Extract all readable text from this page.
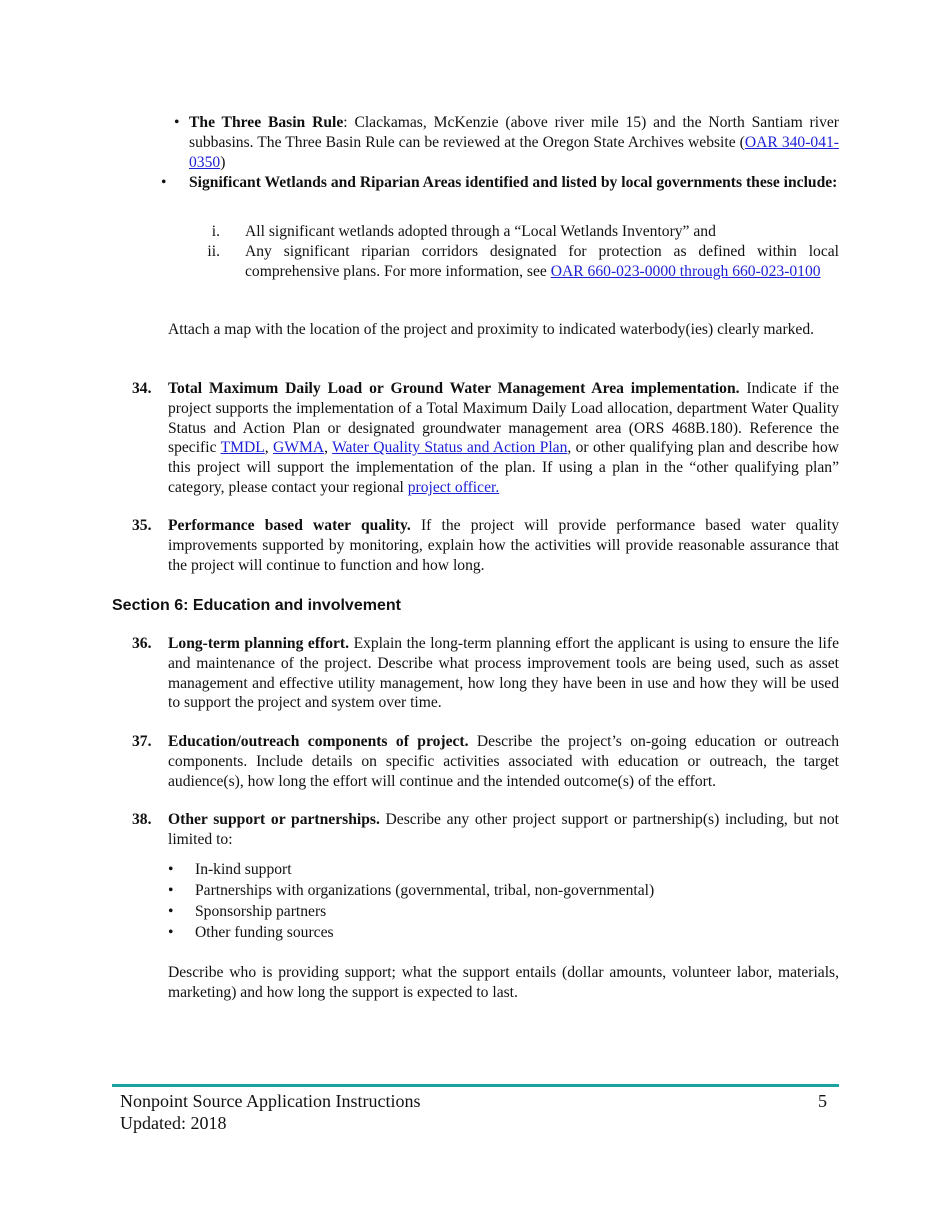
• The Three Basin Rule: Clackamas, McKenzie (above river mile 15) and the North Santiam river subbasins. The Three Basin Rule can be reviewed at the Oregon State Archives website (OAR 340-041-0350)
• Significant Wetlands and Riparian Areas identified and listed by local governments these include:
i. All significant wetlands adopted through a “Local Wetlands Inventory” and
ii. Any significant riparian corridors designated for protection as defined within local comprehensive plans. For more information, see OAR 660-023-0000 through 660-023-0100
Attach a map with the location of the project and proximity to indicated waterbody(ies) clearly marked.
34. Total Maximum Daily Load or Ground Water Management Area implementation. Indicate if the project supports the implementation of a Total Maximum Daily Load allocation, department Water Quality Status and Action Plan or designated groundwater management area (ORS 468B.180). Reference the specific TMDL, GWMA, Water Quality Status and Action Plan, or other qualifying plan and describe how this project will support the implementation of the plan. If using a plan in the “other qualifying plan” category, please contact your regional project officer.
35. Performance based water quality. If the project will provide performance based water quality improvements supported by monitoring, explain how the activities will provide reasonable assurance that the project will continue to function and how long.
Section 6: Education and involvement
36. Long-term planning effort. Explain the long-term planning effort the applicant is using to ensure the life and maintenance of the project. Describe what process improvement tools are being used, such as asset management and effective utility management, how long they have been in use and how they will be used to support the project and system over time.
37. Education/outreach components of project. Describe the project’s on-going education or outreach components. Include details on specific activities associated with education or outreach, the target audience(s), how long the effort will continue and the intended outcome(s) of the effort.
38. Other support or partnerships. Describe any other project support or partnership(s) including, but not limited to:
• In-kind support
• Partnerships with organizations (governmental, tribal, non-governmental)
• Sponsorship partners
• Other funding sources
Describe who is providing support; what the support entails (dollar amounts, volunteer labor, materials, marketing) and how long the support is expected to last.
Nonpoint Source Application Instructions
Updated: 2018
5
